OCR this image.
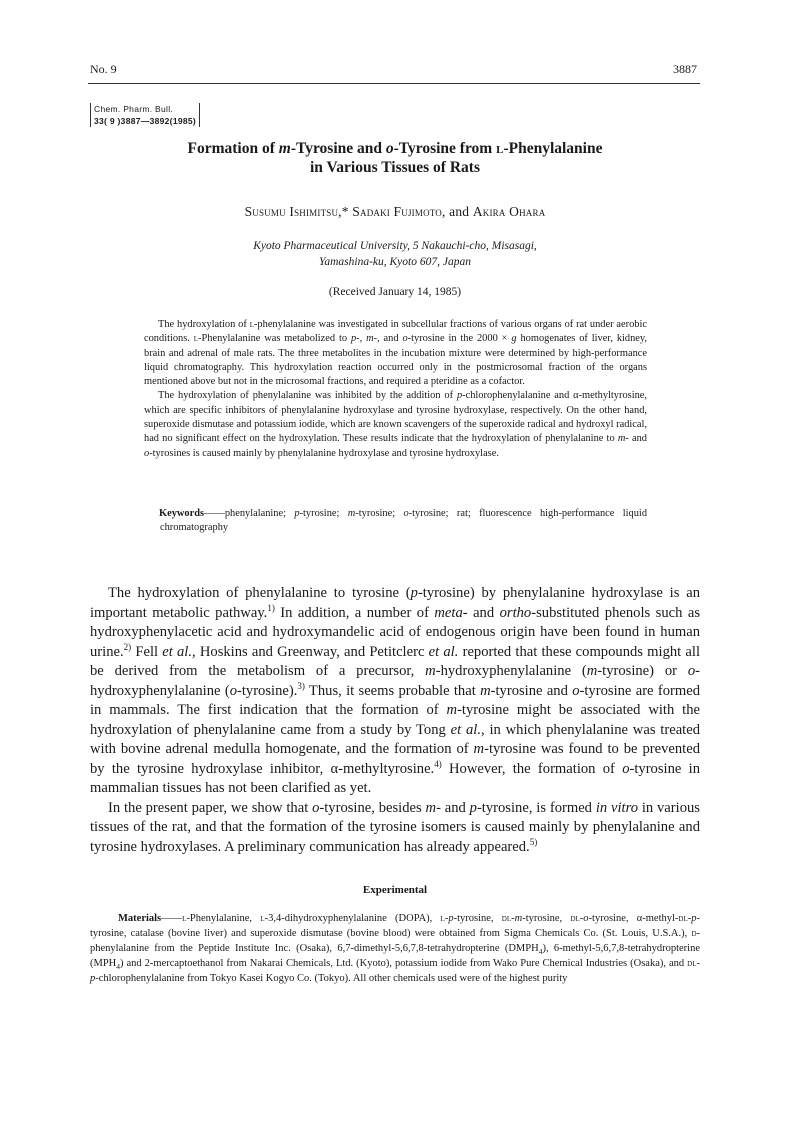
No. 9	3887
Chem. Pharm. Bull.
33( 9 )3887—3892(1985)
Formation of m-Tyrosine and o-Tyrosine from l-Phenylalanine
in Various Tissues of Rats
Susumu Ishimitsu,* Sadaki Fujimoto, and Akira Ohara
Kyoto Pharmaceutical University, 5 Nakauchi-cho, Misasagi,
Yamashina-ku, Kyoto 607, Japan
(Received January 14, 1985)

The hydroxylation of l-phenylalanine was investigated in subcellular fractions of various organs of rat under aerobic conditions. l-Phenylalanine was metabolized to p-, m-, and o-tyrosine in the 2000 × g homogenates of liver, kidney, brain and adrenal of male rats. The three metabolites in the incubation mixture were determined by high-performance liquid chromatography. This hydroxylation reaction occurred only in the postmicrosomal fraction of the organs mentioned above but not in the microsomal fractions, and required a pteridine as a cofactor.

The hydroxylation of phenylalanine was inhibited by the addition of p-chlorophenylalanine and α-methyltyrosine, which are specific inhibitors of phenylalanine hydroxylase and tyrosine hydroxylase, respectively. On the other hand, superoxide dismutase and potassium iodide, which are known scavengers of the superoxide radical and hydroxyl radical, had no significant effect on the hydroxylation. These results indicate that the hydroxylation of phenylalanine to m- and o-tyrosines is caused mainly by phenylalanine hydroxylase and tyrosine hydroxylase.

Keywords——phenylalanine; p-tyrosine; m-tyrosine; o-tyrosine; rat; fluorescence high-performance liquid chromatography

The hydroxylation of phenylalanine to tyrosine (p-tyrosine) by phenylalanine hydroxylase is an important metabolic pathway.$^{1)}$ In addition, a number of meta- and ortho-substituted phenols such as hydroxyphenylacetic acid and hydroxymandelic acid of endogenous origin have been found in human urine.$^{2)}$ Fell et al., Hoskins and Greenway, and Petitclerc et al. reported that these compounds might all be derived from the metabolism of a precursor, m-hydroxyphenylalanine (m-tyrosine) or o-hydroxyphenylalanine (o-tyrosine).$^{3)}$ Thus, it seems probable that m-tyrosine and o-tyrosine are formed in mammals. The first indication that the formation of m-tyrosine might be associated with the hydroxylation of phenylalanine came from a study by Tong et al., in which phenylalanine was treated with bovine adrenal medulla homogenate, and the formation of m-tyrosine was found to be prevented by the tyrosine hydroxylase inhibitor, α-methyltyrosine.$^{4)}$ However, the formation of o-tyrosine in mammalian tissues has not been clarified as yet.

In the present paper, we show that o-tyrosine, besides m- and p-tyrosine, is formed in vitro in various tissues of the rat, and that the formation of the tyrosine isomers is caused mainly by phenylalanine and tyrosine hydroxylases. A preliminary communication has already appeared.$^{5)}$

Experimental

Materials——l-Phenylalanine, l-3,4-dihydroxyphenylalanine (DOPA), l-p-tyrosine, dl-m-tyrosine, dl-o-tyrosine, α-methyl-dl-p-tyrosine, catalase (bovine liver) and superoxide dismutase (bovine blood) were obtained from Sigma Chemicals Co. (St. Louis, U.S.A.), d-phenylalanine from the Peptide Institute Inc. (Osaka), 6,7-dimethyl-5,6,7,8-tetrahydropterine $(DMPH_4)$, 6-methyl-5,6,7,8-tetrahydropterine $(MPH_4)$ and 2-mercaptoethanol from Nakarai Chemicals, Ltd. (Kyoto), potassium iodide from Wako Pure Chemical Industries (Osaka), and dl-p-chlorophenylalanine from Tokyo Kasei Kogyo Co. (Tokyo). All other chemicals used were of the highest purity
